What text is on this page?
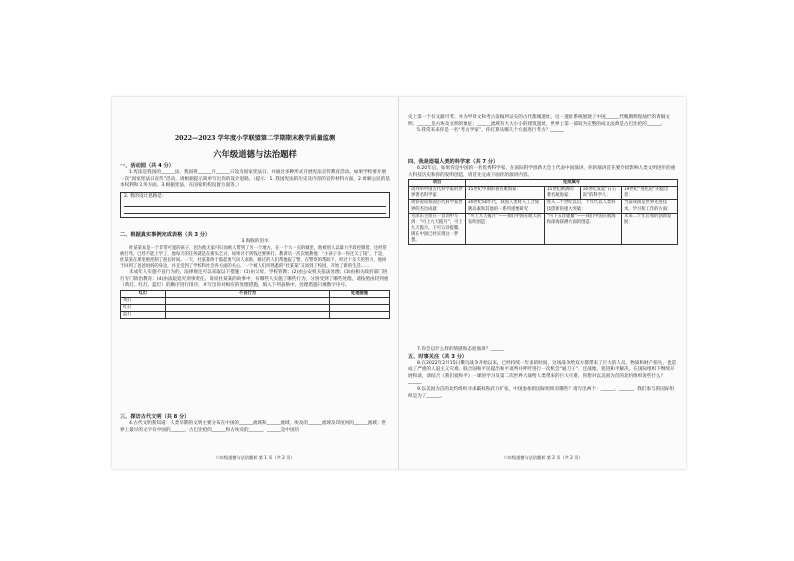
2022—2023 学年度小学联盟第二学期期末教学质量监测
六年级道德与法治题样
一、活动园（共 4 分）

1.宪法是我国的______法，我国将______月______日设为国家宪法日，并通过多种形式开展宪法宣传教育活动。如果学校要开展一次“国家宪法日宣传”活动，请根据提示简单写出你的设计思路。（提示：1. 我国宪法的历史及内容的宣传材料方面，2.讲解公民的基本权利和义务方面，3.根据宪法，在国家机构设置方面等。）

2. 我的设计思路是：
二、根据真实事例完成表格（共 3 分）
3.海豚的泪水

杜某某本是一个非常可爱的孩子，因为他无家可归而被人带到了另一个地方。在一个大一点的城里，他被别人以暴力手段控制着，还经常被打骂，已经不能上学了，他每天的任务就是在街头乞讨，如果讨不到钱还要挨打。教训员一次次地教他：“小孩子争一你还欠了钱”。于是，杜某某在那里被控制了很长时间。一天，杜某某终于鼓起勇气向人求助，路过的人们帮他报了警，在警察的帮助下，经过十多天的努力，他终于回到了爸爸妈妈的身边，并且受到了学校和社会各方面的关心。一个被人们所熟悉的“杜某某”又回到了校园，开始了新的生活……

未成年人实施不良行为的，法律规定可以采取以下措施：(1)由父母、学校管教；(2)由公安机关依法处理；(3)由相关政府部门进行专门矫治教育；(4)由法院追究刑事责任。说说杜某某的故事中，有哪些人实施了哪些行为，分别受到了哪些处理。请按照由轻到重（黄灯、红灯、蓝灯）的顺序进行排序，并写出你对相应的处理措施，填入下列表格中。处理措施只填数字序号。

红灯	不良行为	处理措施
黄灯		
红灯		
蓝灯		
三、探访古代文明（共 8 分）

4.古代文明我知道：人类早期的文明主要分布在中国的______流域和______流域，埃及的______流域及印度河的______流域；世界上最早的文字有中国的______，古巴比伦的______和古埃及的______，______是中国历

六年级道德与法治题样 第 1 页（共 2 页）

史上第一个有文献可考、并为甲骨文和考古发掘所证实的古代都城遗址，这一遗址系统展现了中国______代晚期辉煌灿烂的青铜文明；______是古埃及文明的象征；______流域有大大小小的建筑遗址，世界上第一部较为完整的成文法典是古巴比伦的______。

5.我常来来你是一名“考古学家”，你打算从哪几个方面进行考古？______

四、我是造福人类的科学家（共 7 分）

6.20年后，如果你是中国的一名优秀科学家，在国际科学创新大会上代表中国演讲，你的演讲首先要介绍影响人类文明进步的重大科技历史和你的发明创造，请首先完成下面你的演讲内容。

项目	完成填写			
请列举中国古代科学家的世界著名科学家	15世纪中期的著名航海家：	15世纪欧洲的著名航海家：	16世纪发起“日心说”的科学人：	19世纪“进化论”的提出者：
请你说说我国古代科学家世界的杰出成就	20世纪50年代，我国人类将人工合成胰岛素和其他的一系列重要研究	进入二十世纪以后，十年代以人类科技创新的重大突破：		当前我国是世界先进技术，学习和工作的方面：
毛泽东主席在一首词中写到：“可上九天揽月”，可上九天揽月。下可五洋捉鳖，现在中国已经实现这一梦想。	“可上九天揽月”——我们中国在航天的发明创造：	“可下五洋捉鳖”——我们中国在航海和深海探测方面的创造：		未来二十年后我的创新发展：

7.你会以什么样的情感和态度演讲？______

五、时事关注（共 3 分）

8.在2022年2月15日俄乌战争开始以来，已经持续一年多的时间，这场战争给双方都带来了巨大的人员、物质和财产损失，也造成了严重的人道主义灾难。联合国和平民提出和平谈判并呼吁进行一次机会“通刀子”，还战地，促进和平解决，在国际组织下继续开展和谈，请结合《我们爱和平》一课的学习及第二次世界大战给人类带来的巨大灾难，你想对以美国为首的北约组织说些什么？______

9.以美国为首的北约组织寻求霸权和武力扩张，中国参加的国际组织有哪些？请写出两个：______、______，我们参与的国际组织是为了______。

六年级道德与法治题样 第 2 页（共 2 页）
